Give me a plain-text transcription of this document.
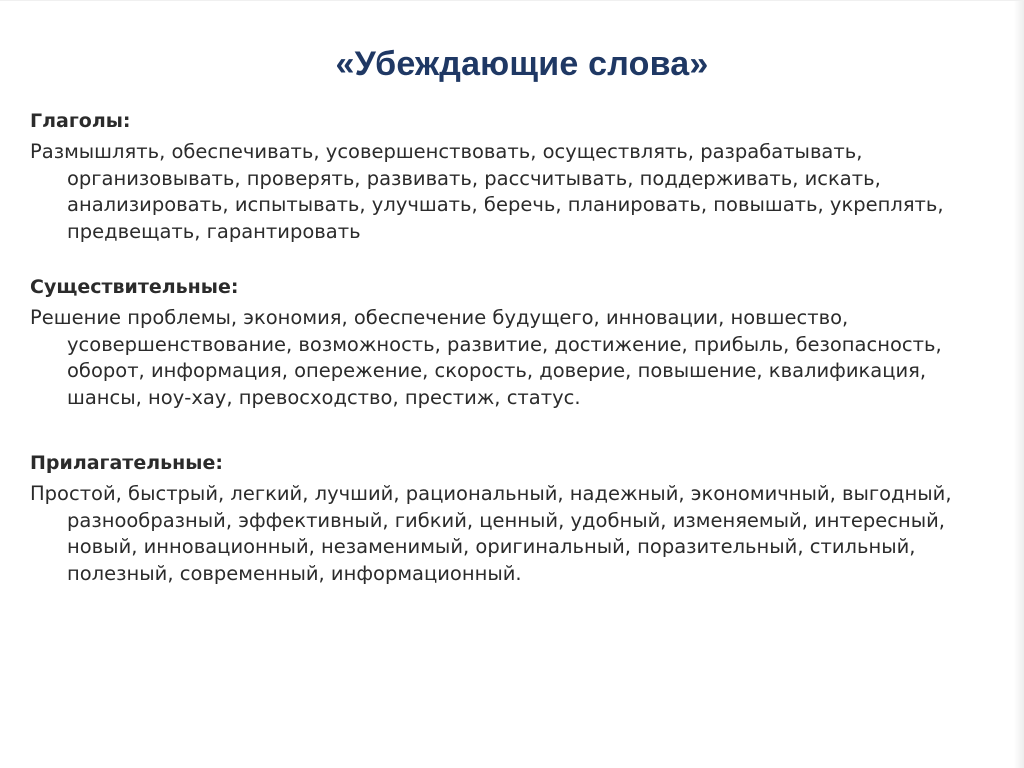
«Убеждающие слова»
Глаголы:

Размышлять, обеспечивать, усовершенствовать, осуществлять, разрабатывать, организовывать, проверять, развивать, рассчитывать, поддерживать, искать, анализировать, испытывать, улучшать, беречь, планировать, повышать, укреплять, предвещать, гарантировать

Существительные:

Решение проблемы, экономия, обеспечение будущего, инновации, новшество, усовершенствование, возможность, развитие, достижение, прибыль, безопасность, оборот, информация, опережение, скорость, доверие, повышение, квалификация, шансы, ноу-хау, превосходство, престиж, статус.

Прилагательные:

Простой, быстрый, легкий, лучший, рациональный, надежный, экономичный, выгодный, разнообразный, эффективный, гибкий, ценный, удобный, изменяемый, интересный, новый, инновационный, незаменимый, оригинальный, поразительный, стильный, полезный, современный, информационный.
